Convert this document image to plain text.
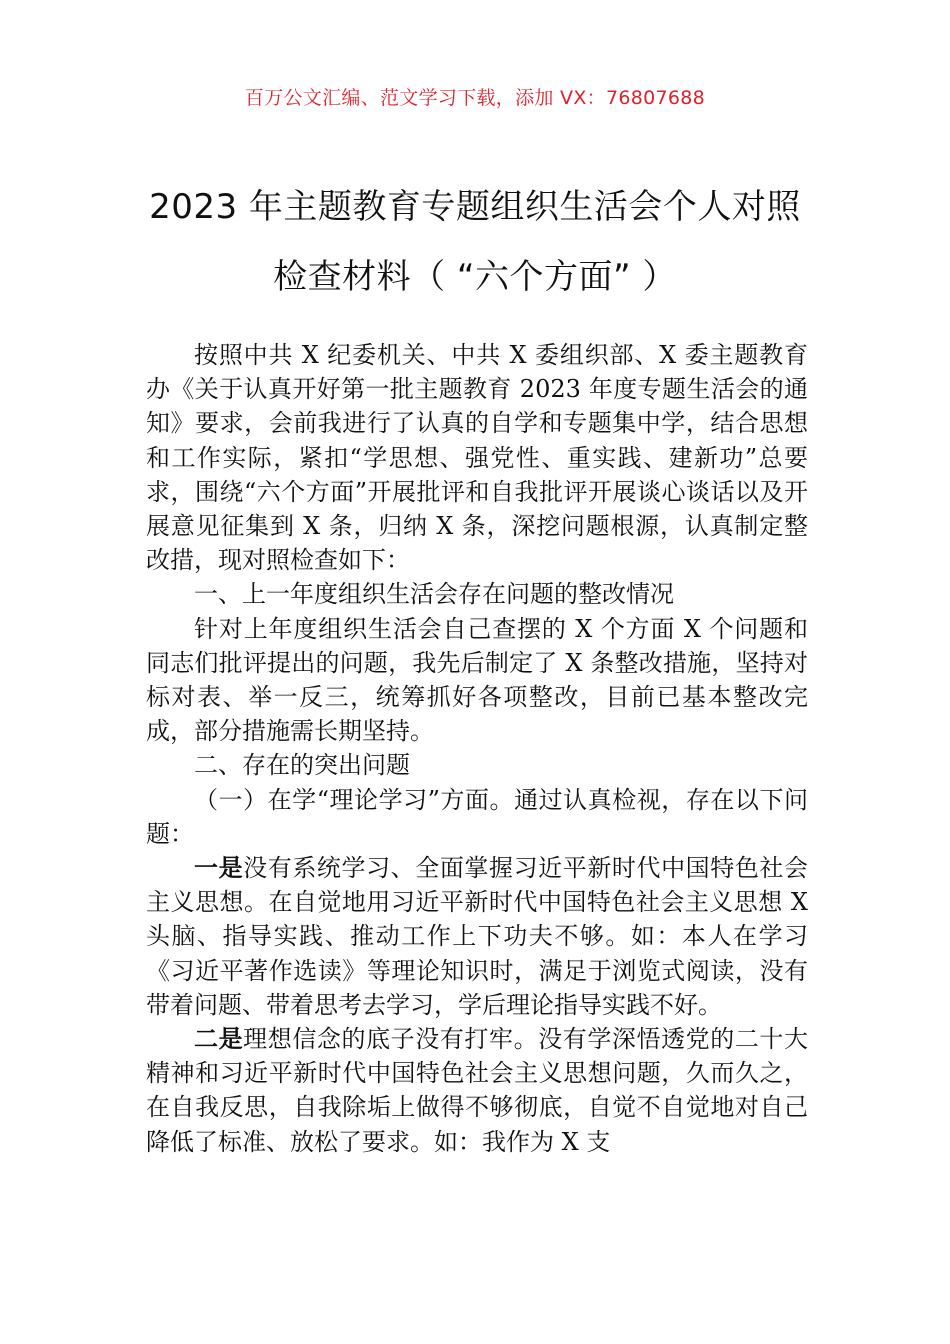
百万公文汇编、范文学习下载，添加 VX：76807688
2023 年主题教育专题组织生活会个人对照
检查材料（ “六个方面” ）

按照中共 X 纪委机关、中共 X 委组织部、X 委主题教育办《关于认真开好第一批主题教育 2023 年度专题生活会的通知》要求，会前我进行了认真的自学和专题集中学，结合思想和工作实际，紧扣“学思想、强党性、重实践、建新功”总要求，围绕“六个方面”开展批评和自我批评开展谈心谈话以及开展意见征集到 X 条，归纳 X 条，深挖问题根源，认真制定整改措，现对照检查如下：

一、上一年度组织生活会存在问题的整改情况

针对上年度组织生活会自己查摆的 X 个方面 X 个问题和同志们批评提出的问题，我先后制定了 X 条整改措施，坚持对标对表、举一反三，统筹抓好各项整改，目前已基本整改完成，部分措施需长期坚持。

二、存在的突出问题

（一）在学“理论学习”方面。通过认真检视，存在以下问题：

一是没有系统学习、全面掌握习近平新时代中国特色社会主义思想。在自觉地用习近平新时代中国特色社会主义思想 X 头脑、指导实践、推动工作上下功夫不够。如：本人在学习《习近平著作选读》等理论知识时，满足于浏览式阅读，没有带着问题、带着思考去学习，学后理论指导实践不好。

二是理想信念的底子没有打牢。没有学深悟透党的二十大精神和习近平新时代中国特色社会主义思想问题，久而久之，在自我反思，自我除垢上做得不够彻底，自觉不自觉地对自己降低了标准、放松了要求。如：我作为 X 支
